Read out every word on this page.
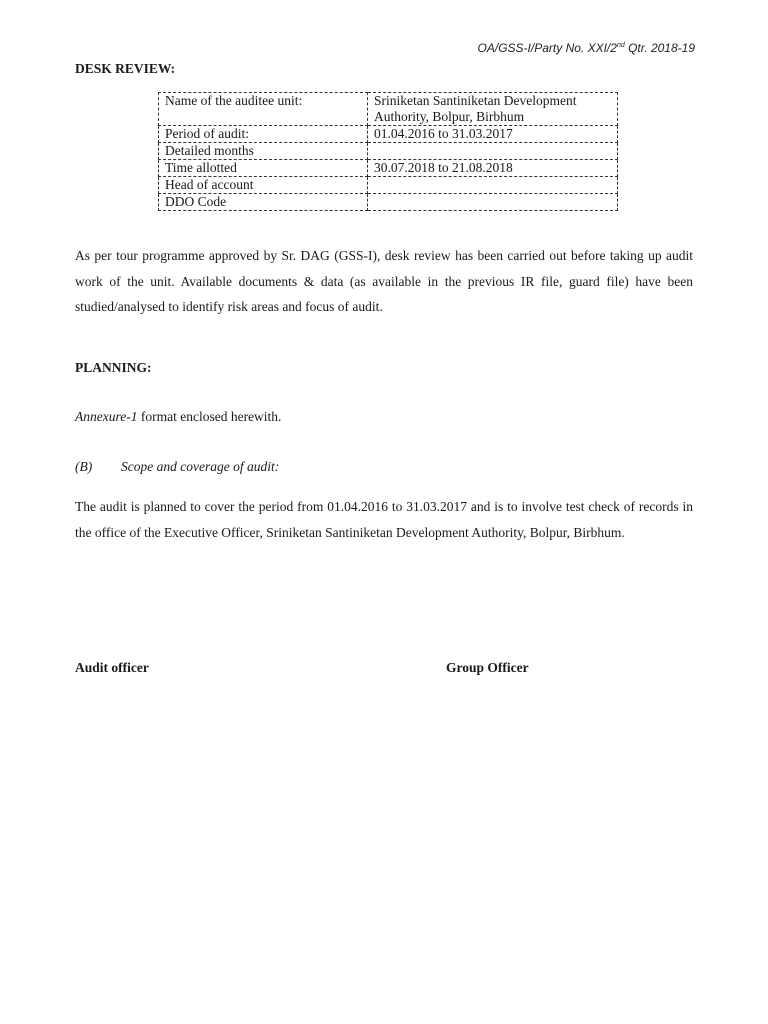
OA/GSS-I/Party No. XXI/2nd Qtr. 2018-19

DESK REVIEW:

Name of the auditee unit:	Sriniketan Santiniketan Development Authority, Bolpur, Birbhum
Period of audit:	01.04.2016 to 31.03.2017
Detailed months	
Time allotted	30.07.2018 to 21.08.2018
Head of account	
DDO Code	

As per tour programme approved by Sr. DAG (GSS-I), desk review has been carried out before taking up audit work of the unit. Available documents & data (as available in the previous IR file, guard file) have been studied/analysed to identify risk areas and focus of audit.

PLANNING:

Annexure-1 format enclosed herewith.

(B) Scope and coverage of audit:

The audit is planned to cover the period from 01.04.2016 to 31.03.2017 and is to involve test check of records in the office of the Executive Officer, Sriniketan Santiniketan Development Authority, Bolpur, Birbhum.

Audit officer	Group Officer
